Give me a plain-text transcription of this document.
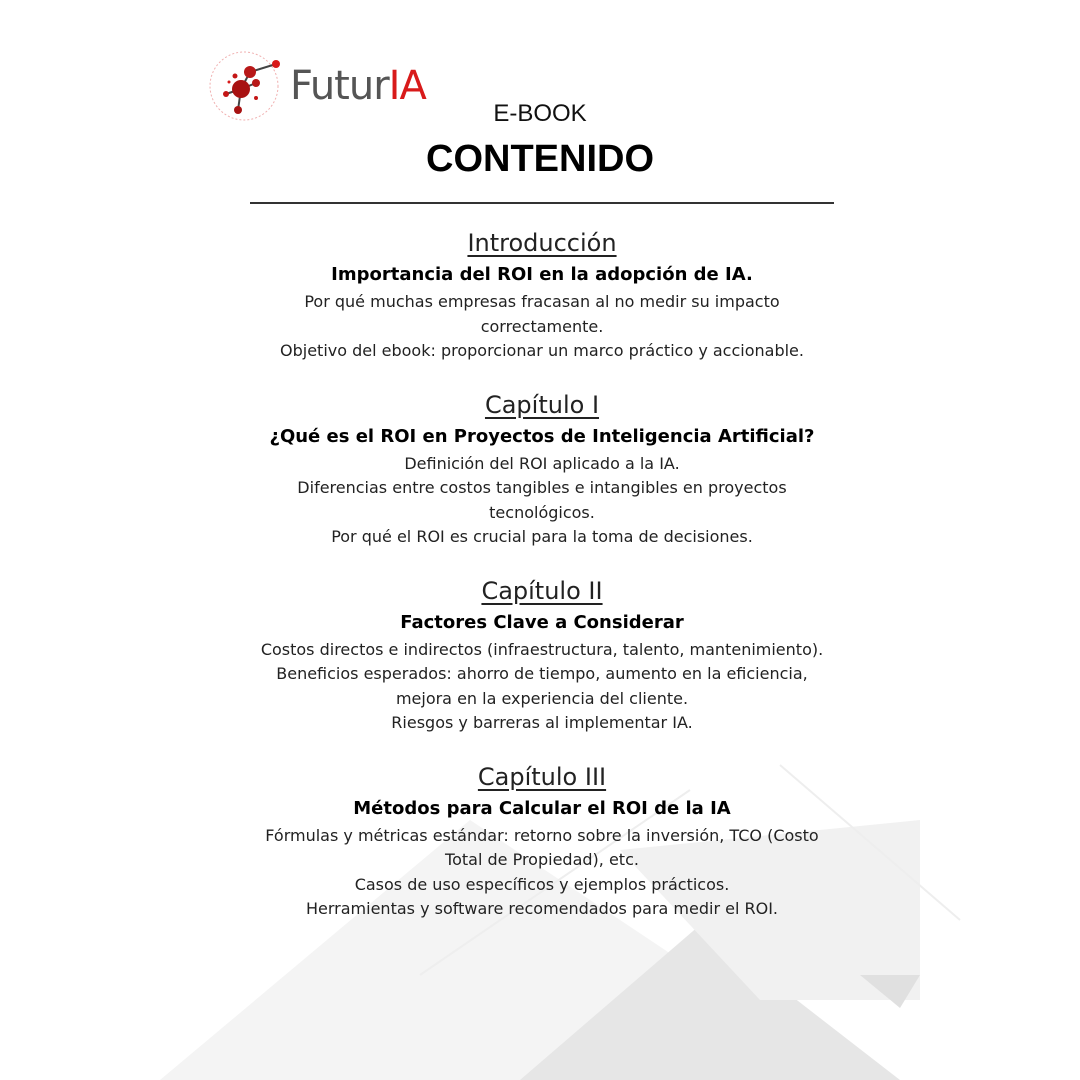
FuturIA
E-BOOK
CONTENIDO
Introducción
Importancia del ROI en la adopción de IA.
Por qué muchas empresas fracasan al no medir su impacto
correctamente.
Objetivo del ebook: proporcionar un marco práctico y accionable.
Capítulo I
¿Qué es el ROI en Proyectos de Inteligencia Artificial?
Definición del ROI aplicado a la IA.
Diferencias entre costos tangibles e intangibles en proyectos
tecnológicos.
Por qué el ROI es crucial para la toma de decisiones.
Capítulo II
Factores Clave a Considerar
Costos directos e indirectos (infraestructura, talento, mantenimiento).
Beneficios esperados: ahorro de tiempo, aumento en la eficiencia,
mejora en la experiencia del cliente.
Riesgos y barreras al implementar IA.
Capítulo III
Métodos para Calcular el ROI de la IA
Fórmulas y métricas estándar: retorno sobre la inversión, TCO (Costo
Total de Propiedad), etc.
Casos de uso específicos y ejemplos prácticos.
Herramientas y software recomendados para medir el ROI.
